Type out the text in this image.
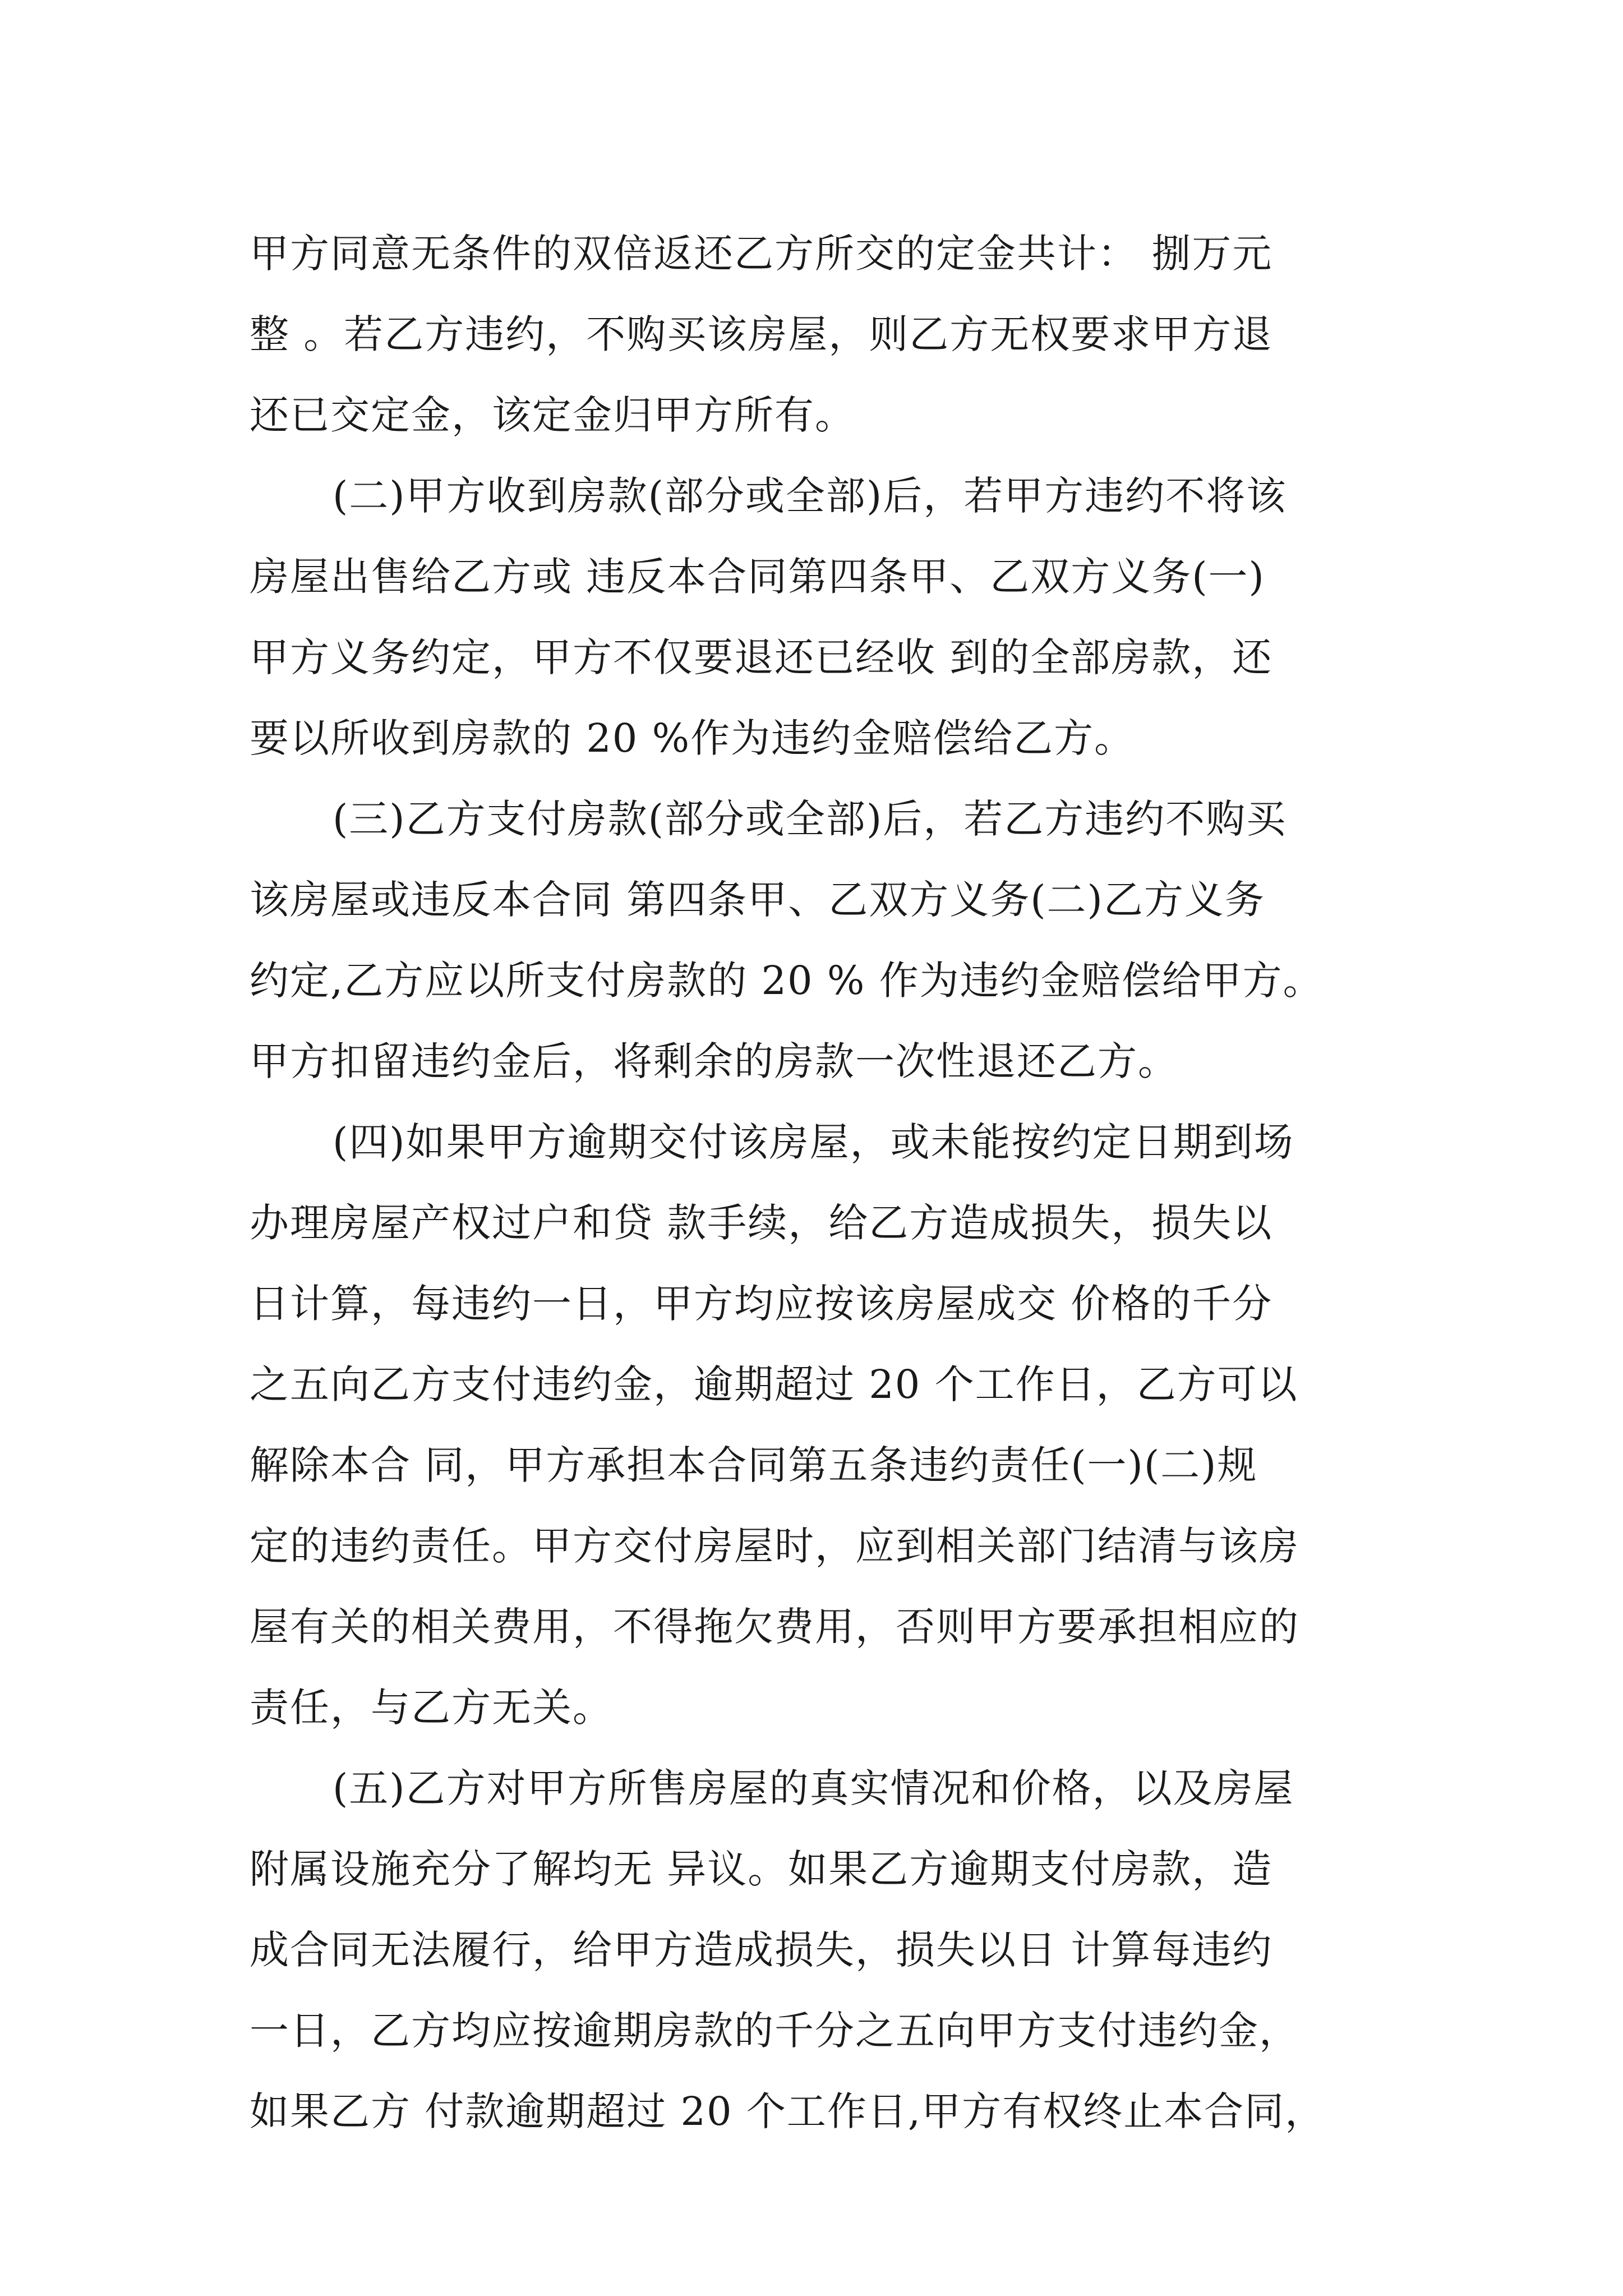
甲方同意无条件的双倍返还乙方所交的定金共计： 捌万元
整 。若乙方违约，不购买该房屋，则乙方无权要求甲方退
还已交定金，该定金归甲方所有。
(二)甲方收到房款(部分或全部)后，若甲方违约不将该
房屋出售给乙方或 违反本合同第四条甲、乙双方义务(一)
甲方义务约定，甲方不仅要退还已经收 到的全部房款，还
要以所收到房款的 20 %作为违约金赔偿给乙方。
(三)乙方支付房款(部分或全部)后，若乙方违约不购买
该房屋或违反本合同 第四条甲、乙双方义务(二)乙方义务
约定,乙方应以所支付房款的 20 % 作为违约金赔偿给甲方。
甲方扣留违约金后，将剩余的房款一次性退还乙方。
(四)如果甲方逾期交付该房屋，或未能按约定日期到场
办理房屋产权过户和贷 款手续，给乙方造成损失，损失以
日计算，每违约一日，甲方均应按该房屋成交 价格的千分
之五向乙方支付违约金，逾期超过 20 个工作日，乙方可以
解除本合 同，甲方承担本合同第五条违约责任(一)(二)规
定的违约责任。甲方交付房屋时，应到相关部门结清与该房
屋有关的相关费用，不得拖欠费用，否则甲方要承担相应的
责任，与乙方无关。
(五)乙方对甲方所售房屋的真实情况和价格，以及房屋
附属设施充分了解均无 异议。如果乙方逾期支付房款，造
成合同无法履行，给甲方造成损失，损失以日 计算每违约
一日，乙方均应按逾期房款的千分之五向甲方支付违约金，
如果乙方 付款逾期超过 20 个工作日,甲方有权终止本合同，
